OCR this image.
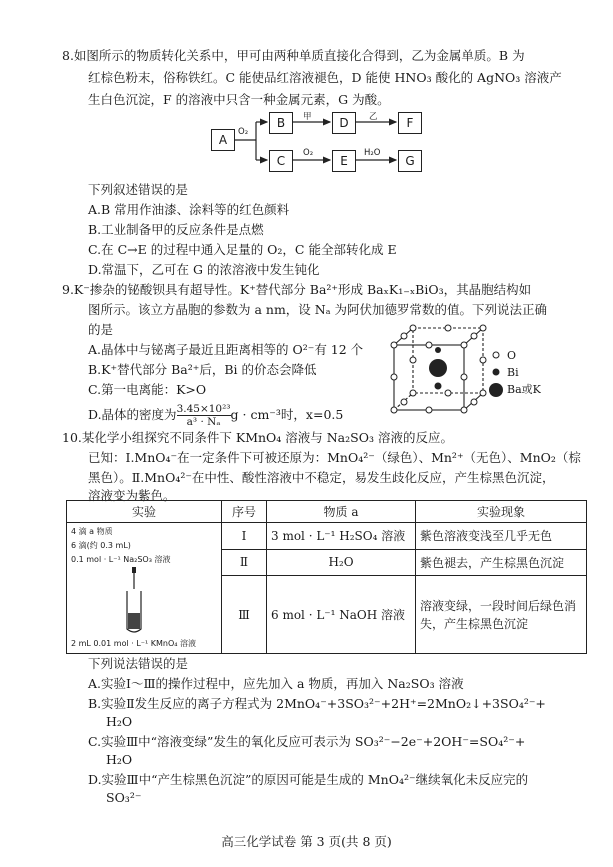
8.如图所示的物质转化关系中，甲可由两种单质直接化合得到，乙为金属单质。B 为
红棕色粉末，俗称铁红。C 能使品红溶液褪色，D 能使 HNO₃ 酸化的 AgNO₃ 溶液产
生白色沉淀，F 的溶液中只含一种金属元素，G 为酸。
A
B
C
D
E
F
G
O₂
甲
O₂
乙
H₂O
下列叙述错误的是
A.B 常用作油漆、涂料等的红色颜料
B.工业制备甲的反应条件是点燃
C.在 C→E 的过程中通入足量的 O₂，C 能全部转化成 E
D.常温下，乙可在 G 的浓溶液中发生钝化
9.K⁻掺杂的铋酸钡具有超导性。K⁺替代部分 Ba²⁺形成 BaₓK₁₋ₓBiO₃，其晶胞结构如
图所示。该立方晶胞的参数为 a nm，设 Nₐ 为阿伏加德罗常数的值。下列说法正确
的是
A.晶体中与铋离子最近且距离相等的 O²⁻有 12 个
B.K⁺替代部分 Ba²⁺后，Bi 的价态会降低
C.第一电离能：K>O
D.晶体的密度为 $\frac{\text{3.45×10²³}}{\text{a³ · Nₐ}}$ g · cm⁻³时，x=0.5
O
Bi
Ba或K
10.某化学小组探究不同条件下 KMnO₄ 溶液与 Na₂SO₃ 溶液的反应。
已知：Ⅰ.MnO₄⁻在一定条件下可被还原为：MnO₄²⁻（绿色）、Mn²⁺（无色）、MnO₂（棕
黑色）。Ⅱ.MnO₄²⁻在中性、酸性溶液中不稳定，易发生歧化反应，产生棕黑色沉淀，
溶液变为紫色。
实验	序号	物质 a	实验现象

4 滴 a 物质
6 滴(约 0.3 mL)
0.1 mol · L⁻¹ Na₂SO₃ 溶液
2 mL 0.01 mol · L⁻¹ KMnO₄ 溶液	Ⅰ	3 mol · L⁻¹ H₂SO₄ 溶液	紫色溶液变浅至几乎无色
	Ⅱ	H₂O	紫色褪去，产生棕黑色沉淀
	Ⅲ	6 mol · L⁻¹ NaOH 溶液	溶液变绿，一段时间后绿色消失，产生棕黑色沉淀
下列说法错误的是
A.实验Ⅰ～Ⅲ的操作过程中，应先加入 a 物质，再加入 Na₂SO₃ 溶液
B.实验Ⅱ发生反应的离子方程式为 2MnO₄⁻+3SO₃²⁻+2H⁺=2MnO₂↓+3SO₄²⁻+
H₂O
C.实验Ⅲ中“溶液变绿”发生的氧化反应可表示为 SO₃²⁻−2e⁻+2OH⁻=SO₄²⁻+
H₂O
D.实验Ⅲ中“产生棕黑色沉淀”的原因可能是生成的 MnO₄²⁻继续氧化未反应完的
SO₃²⁻
高三化学试卷 第 3 页(共 8 页)
